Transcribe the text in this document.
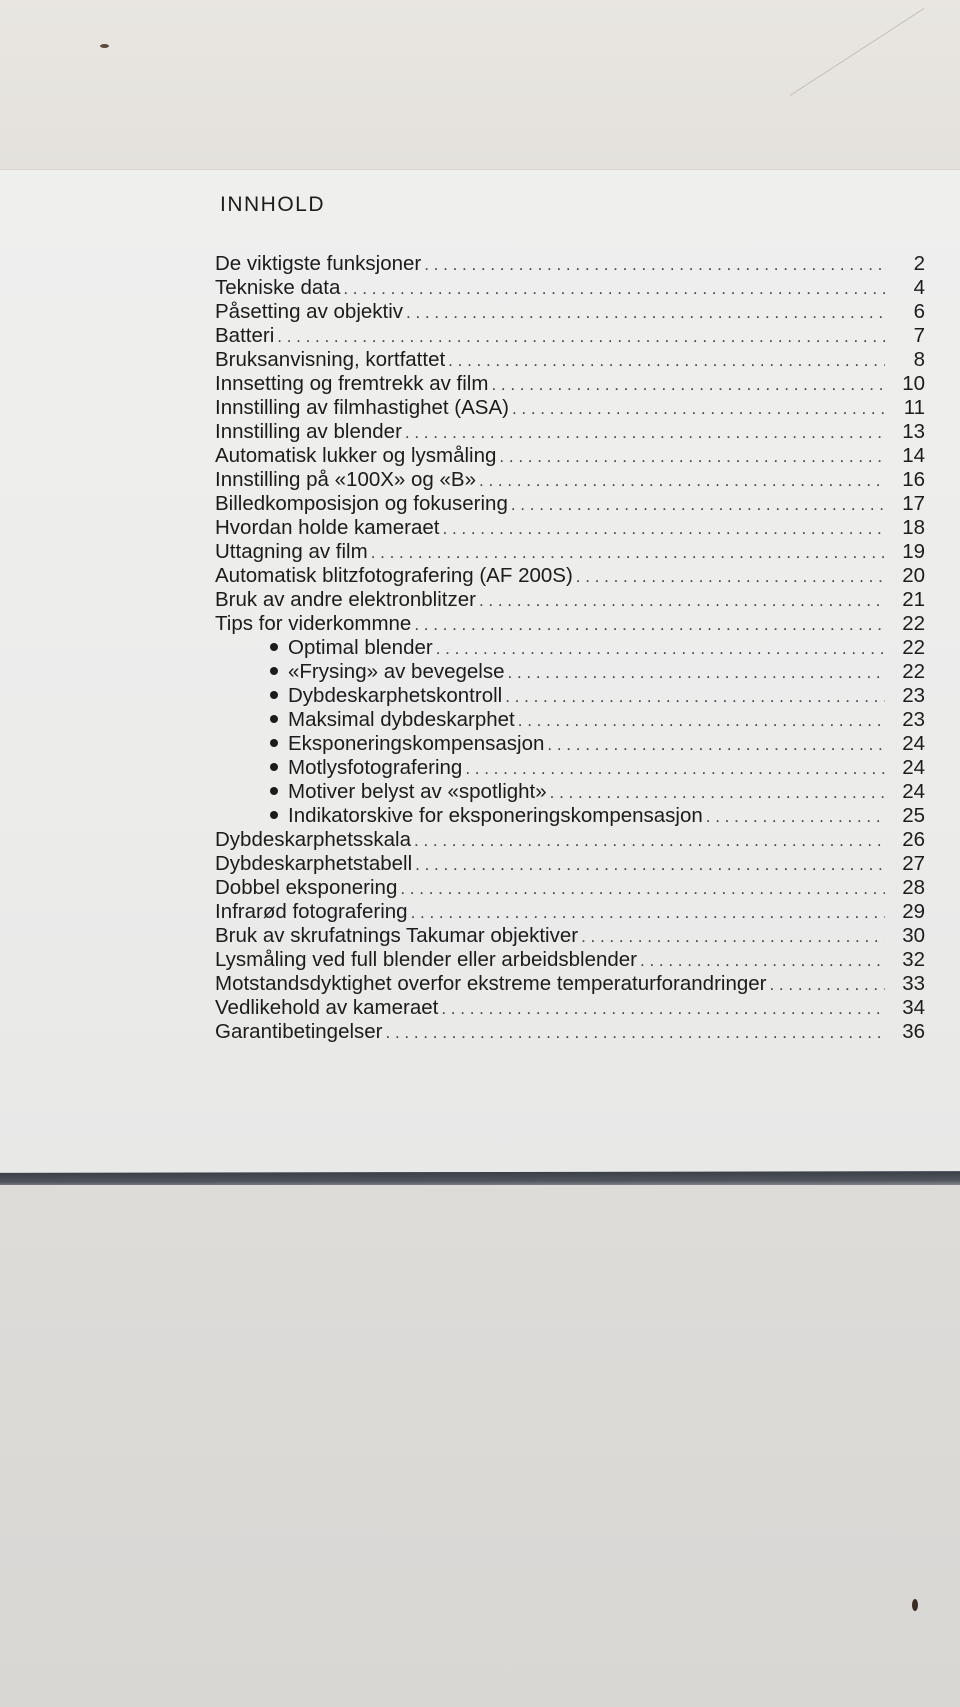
INNHOLD
De viktigste funksjoner . . .	2
Tekniske data . . .	4
Påsetting av objektiv . . .	6
Batteri . . .	7
Bruksanvisning, kortfattet . . .	8
Innsetting og fremtrekk av film . . .	10
Innstilling av filmhastighet (ASA) . . .	11
Innstilling av blender . . .	13
Automatisk lukker og lysmåling . . .	14
Innstilling på «100X» og «B» . . .	16
Billedkomposisjon og fokusering . . .	17
Hvordan holde kameraet . . .	18
Uttagning av film . . .	19
Automatisk blitzfotografering (AF 200S) . . .	20
Bruk av andre elektronblitzer . . .	21
Tips for viderkommne . . .	22
Optimal blender . . .	22
«Frysing» av bevegelse . . .	22
Dybdeskarphetskontroll . . .	23
Maksimal dybdeskarphet . . .	23
Eksponeringskompensasjon . . .	24
Motlysfotografering . . .	24
Motiver belyst av «spotlight» . . .	24
Indikatorskive for eksponeringskompensasjon . . .	25
Dybdeskarphetsskala . . .	26
Dybdeskarphetstabell . . .	27
Dobbel eksponering . . .	28
Infrarød fotografering . . .	29
Bruk av skrufatnings Takumar objektiver . . .	30
Lysmåling ved full blender eller arbeidsblender . . .	32
Motstandsdyktighet overfor ekstreme temperaturforandringer . . .	33
Vedlikehold av kameraet . . .	34
Garantibetingelser . . .	36
